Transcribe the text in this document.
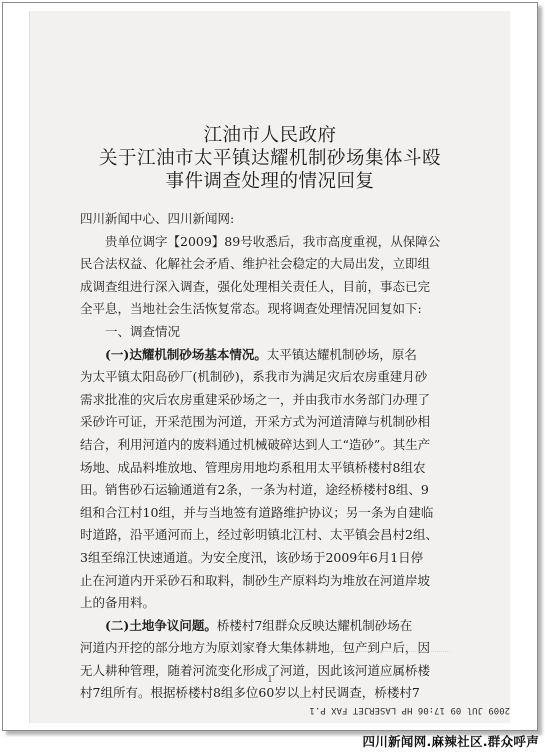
江油市人民政府
关于江油市太平镇达耀机制砂场集体斗殴
事件调查处理的情况回复
四川新闻中心、四川新闻网:
　　贵单位调字【2009】89号收悉后，我市高度重视，从保障公
民合法权益、化解社会矛盾、维护社会稳定的大局出发，立即组
成调查组进行深入调查，强化处理相关责任人，目前，事态已完
全平息，当地社会生活恢复常态。现将调查处理情况回复如下:
　　一、调查情况
　　(一)达耀机制砂场基本情况。太平镇达耀机制砂场，原名
为太平镇太阳岛砂厂(机制砂)，系我市为满足灾后农房重建月砂
需求批准的灾后农房重建采砂场之一，并由我市水务部门办理了
采砂许可证，开采范围为河道，开采方式为河道清障与机制砂相
结合，利用河道内的废料通过机械破碎达到人工“造砂”。其生产
场地、成品料堆放地、管理房用地均系租用太平镇桥楼村8组农
田。销售砂石运输通道有2条，一条为村道，途经桥楼村8组、9
组和合江村10组，并与当地签有道路维护协议；另一条为自建临
时道路，沿平通河而上，经过彰明镇北江村、太平镇会昌村2组、
3组至绵江快速通道。为安全度汛，该砂场于2009年6月1日停
止在河道内开采砂石和取料，制砂生产原料均为堆放在河道岸坡
上的备用料。
　　(二)土地争议问题。桥楼村7组群众反映达耀机制砂场在
河道内开挖的部分地方为原刘家脊大集体耕地，包产到户后，因
无人耕种管理，随着河流变化形成了河道，因此该河道应属桥楼
村7组所有。根据桥楼村8组多位60岁以上村民调查，桥楼村7
1
2009 JUl 09 17:06 HP LASERJET FAX P.1
四川新闻网.麻辣社区.群众呼声
